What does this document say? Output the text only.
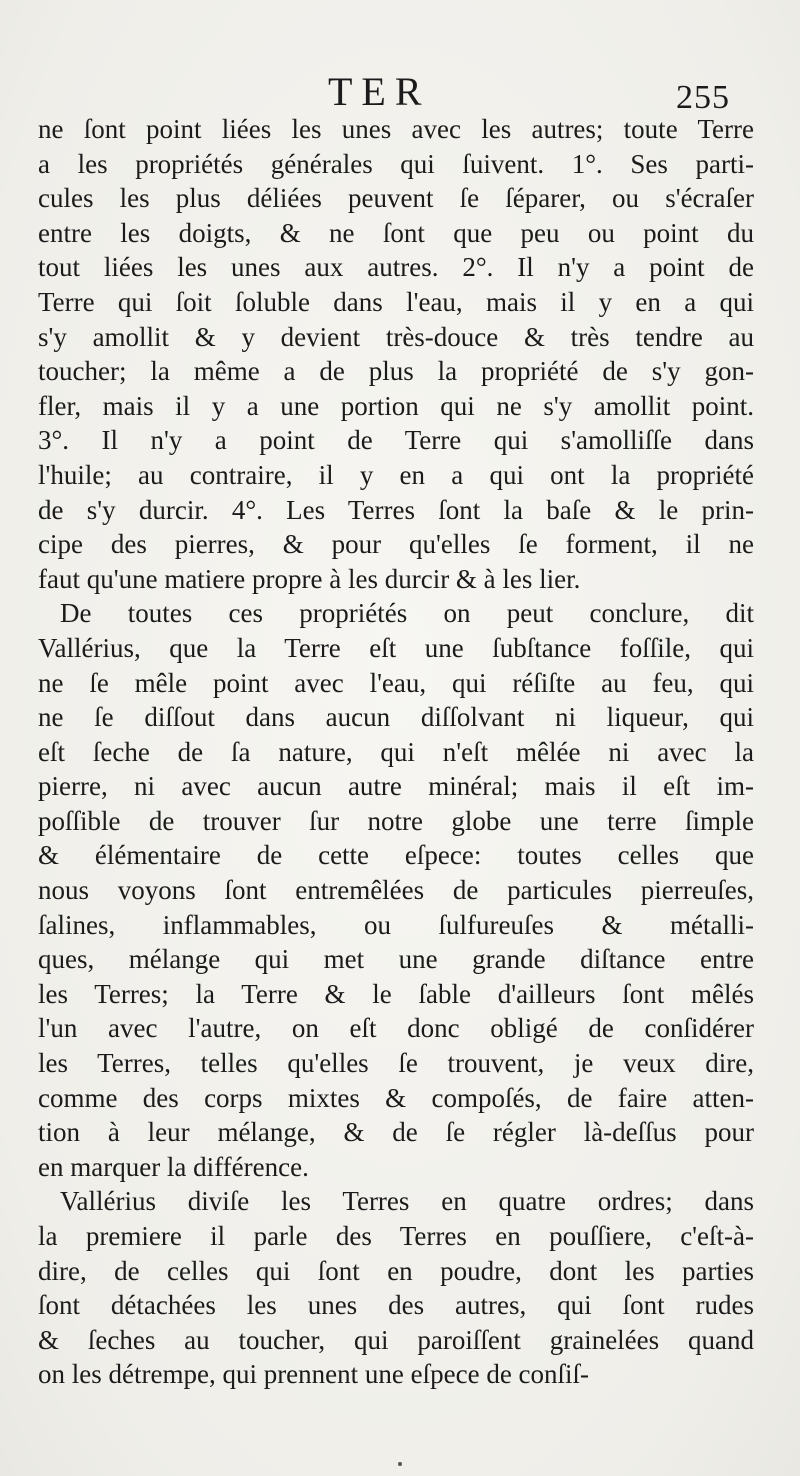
TER	255
ne ſont point liées les unes avec les autres; toute Terre
a les propriétés générales qui ſuivent. 1°. Ses parti-
cules les plus déliées peuvent ſe ſéparer, ou s'écraſer
entre les doigts, & ne ſont que peu ou point du
tout liées les unes aux autres. 2°. Il n'y a point de
Terre qui ſoit ſoluble dans l'eau, mais il y en a qui
s'y amollit & y devient très-douce & très tendre au
toucher; la même a de plus la propriété de s'y gon-
fler, mais il y a une portion qui ne s'y amollit point.
3°. Il n'y a point de Terre qui s'amolliſſe dans
l'huile; au contraire, il y en a qui ont la propriété
de s'y durcir. 4°. Les Terres ſont la baſe & le prin-
cipe des pierres, & pour qu'elles ſe forment, il ne
faut qu'une matiere propre à les durcir & à les lier.
De toutes ces propriétés on peut conclure, dit
Vallérius, que la Terre eſt une ſubſtance foſſile, qui
ne ſe mêle point avec l'eau, qui réſiſte au feu, qui
ne ſe diſſout dans aucun diſſolvant ni liqueur, qui
eſt ſeche de ſa nature, qui n'eſt mêlée ni avec la
pierre, ni avec aucun autre minéral; mais il eſt im-
poſſible de trouver ſur notre globe une terre ſimple
& élémentaire de cette eſpece: toutes celles que
nous voyons ſont entremêlées de particules pierreuſes,
ſalines, inflammables, ou ſulfureuſes & métalli-
ques, mélange qui met une grande diſtance entre
les Terres; la Terre & le ſable d'ailleurs ſont mêlés
l'un avec l'autre, on eſt donc obligé de conſidérer
les Terres, telles qu'elles ſe trouvent, je veux dire,
comme des corps mixtes & compoſés, de faire atten-
tion à leur mélange, & de ſe régler là-deſſus pour
en marquer la différence.
Vallérius diviſe les Terres en quatre ordres; dans
la premiere il parle des Terres en pouſſiere, c'eſt-à-
dire, de celles qui ſont en poudre, dont les parties
ſont détachées les unes des autres, qui ſont rudes
& ſeches au toucher, qui paroiſſent grainelées quand
on les détrempe, qui prennent une eſpece de conſiſ-
